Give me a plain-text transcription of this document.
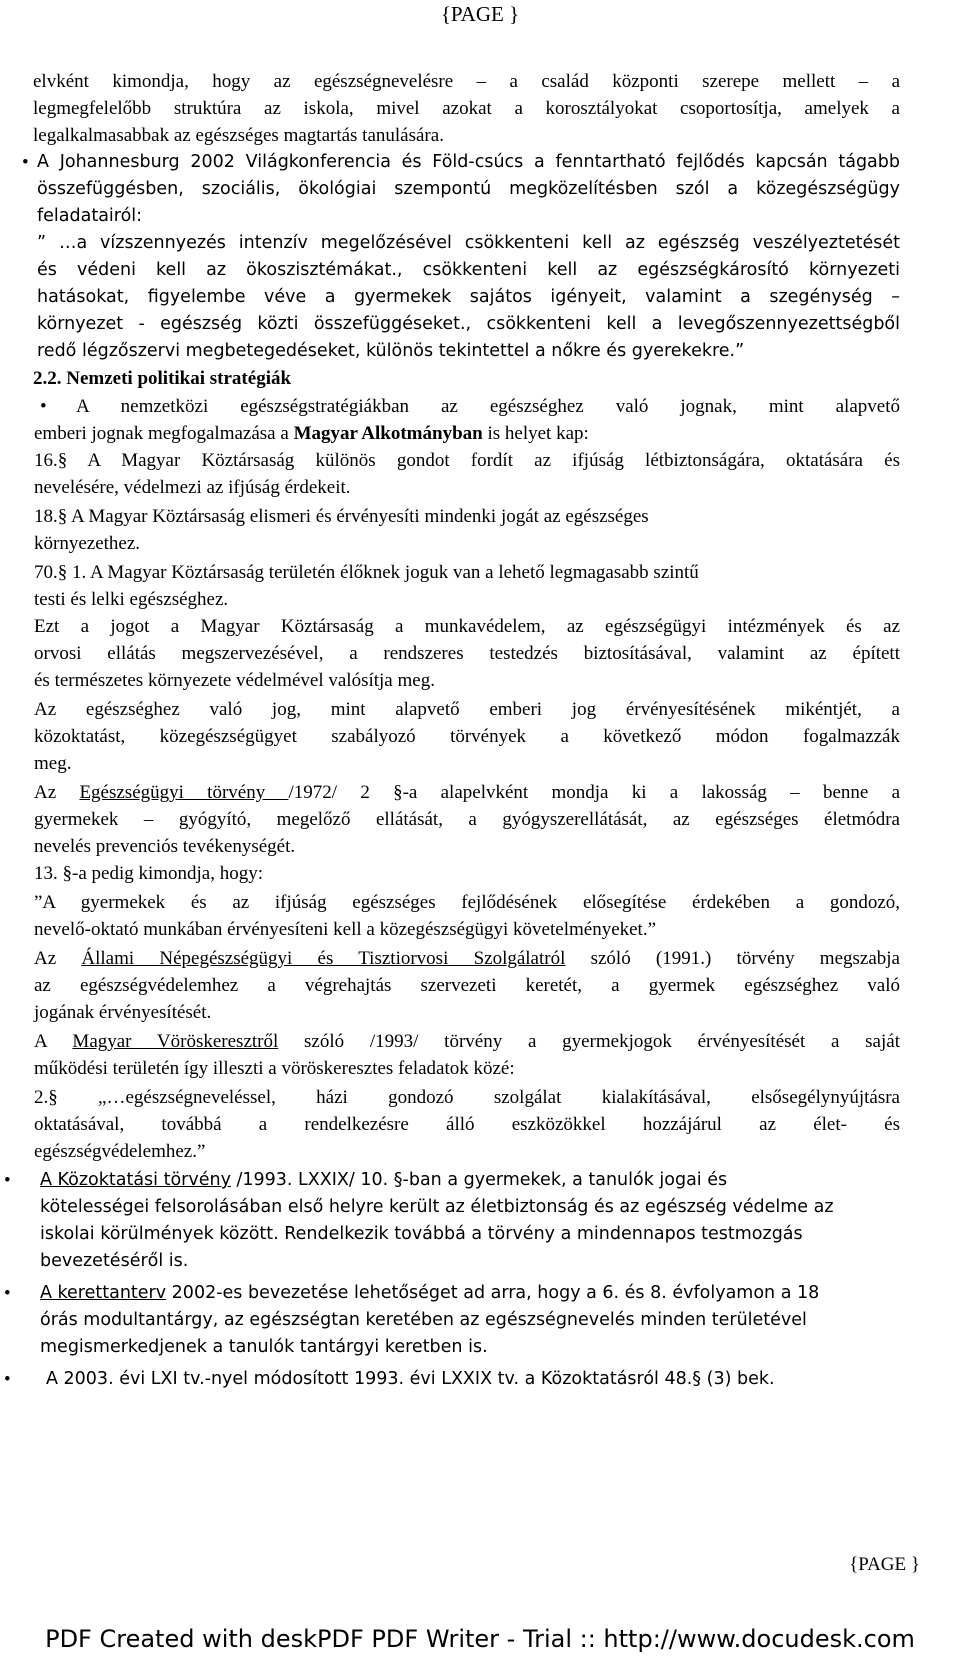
{PAGE }
elvként kimondja, hogy az egészségnevelésre – a család központi szerepe mellett – a
legmegfelelőbb struktúra az iskola, mivel azokat a korosztályokat csoportosítja, amelyek a
legalkalmasabbak az egészséges magtartás tanulására.
• A Johannesburg 2002 Világkonferencia és Föld-csúcs a fenntartható fejlődés kapcsán tágabb
összefüggésben, szociális, ökológiai szempontú megközelítésben szól a közegészségügy
feladatairól:
” …a vízszennyezés intenzív megelőzésével csökkenteni kell az egészség veszélyeztetését
és védeni kell az ökoszisztémákat., csökkenteni kell az egészségkárosító környezeti
hatásokat, figyelembe véve a gyermekek sajátos igényeit, valamint a szegénység –
környezet - egészség közti összefüggéseket., csökkenteni kell a levegőszennyezettségből
redő légzőszervi megbetegedéseket, különös tekintettel a nőkre és gyerekekre.”
2.2. Nemzeti politikai stratégiák
• A nemzetközi egészségstratégiákban az egészséghez való jognak, mint alapvető
emberi jognak megfogalmazása a Magyar Alkotmányban is helyet kap:
16.§ A Magyar Köztársaság különös gondot fordít az ifjúság létbiztonságára, oktatására és
nevelésére, védelmezi az ifjúság érdekeit.
18.§ A Magyar Köztársaság elismeri és érvényesíti mindenki jogát az egészséges
környezethez.
70.§ 1. A Magyar Köztársaság területén élőknek joguk van a lehető legmagasabb szintű
testi és lelki egészséghez.
Ezt a jogot a Magyar Köztársaság a munkavédelem, az egészségügyi intézmények és az
orvosi ellátás megszervezésével, a rendszeres testedzés biztosításával, valamint az épített
és természetes környezete védelmével valósítja meg.
Az egészséghez való jog, mint alapvető emberi jog érvényesítésének mikéntjét, a
közoktatást, közegészségügyet szabályozó törvények a következő módon fogalmazzák
meg.
Az Egészségügyi törvény /1972/ 2 §-a alapelvként mondja ki a lakosság – benne a
gyermekek – gyógyító, megelőző ellátását, a gyógyszerellátását, az egészséges életmódra
nevelés prevenciós tevékenységét.
13. §-a pedig kimondja, hogy:
”A gyermekek és az ifjúság egészséges fejlődésének elősegítése érdekében a gondozó,
nevelő-oktató munkában érvényesíteni kell a közegészségügyi követelményeket.”
Az Állami Népegészségügyi és Tisztiorvosi Szolgálatról szóló (1991.) törvény megszabja
az egészségvédelemhez a végrehajtás szervezeti keretét, a gyermek egészséghez való
jogának érvényesítését.
A Magyar Vöröskeresztről szóló /1993/ törvény a gyermekjogok érvényesítését a saját
működési területén így illeszti a vöröskeresztes feladatok közé:
2.§ „…egészségneveléssel, házi gondozó szolgálat kialakításával, elsősegélynyújtásra
oktatásával, továbbá a rendelkezésre álló eszközökkel hozzájárul az élet- és
egészségvédelemhez.”
• A Közoktatási törvény /1993. LXXIX/ 10. §-ban a gyermekek, a tanulók jogai és
kötelességei felsorolásában első helyre került az életbiztonság és az egészség védelme az
iskolai körülmények között. Rendelkezik továbbá a törvény a mindennapos testmozgás
bevezetéséről is.
• A kerettanterv 2002-es bevezetése lehetőséget ad arra, hogy a 6. és 8. évfolyamon a 18
órás modultantárgy, az egészségtan keretében az egészségnevelés minden területével
megismerkedjenek a tanulók tantárgyi keretben is.
• A 2003. évi LXI tv.-nyel módosított 1993. évi LXXIX tv. a Közoktatásról 48.§ (3) bek.
{PAGE }
PDF Created with deskPDF PDF Writer - Trial :: http://www.docudesk.com
